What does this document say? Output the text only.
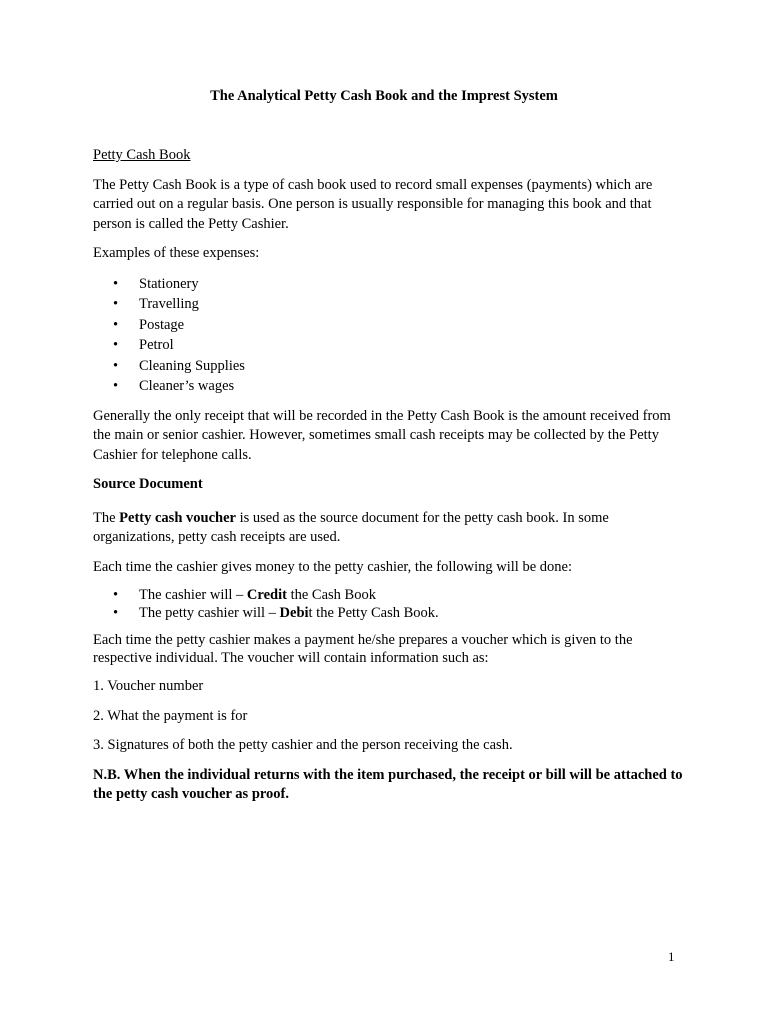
The Analytical Petty Cash Book and the Imprest System
Petty Cash Book

The Petty Cash Book is a type of cash book used to record small expenses (payments) which are carried out on a regular basis. One person is usually responsible for managing this book and that person is called the Petty Cashier.

Examples of these expenses:

• Stationery
• Travelling
• Postage
• Petrol
• Cleaning Supplies
• Cleaner’s wages

Generally the only receipt that will be recorded in the Petty Cash Book is the amount received from the main or senior cashier. However, sometimes small cash receipts may be collected by the Petty Cashier for telephone calls.

Source Document

The Petty cash voucher is used as the source document for the petty cash book. In some organizations, petty cash receipts are used.

Each time the cashier gives money to the petty cashier, the following will be done:

• The cashier will – Credit the Cash Book
• The petty cashier will – Debit the Petty Cash Book.

Each time the petty cashier makes a payment he/she prepares a voucher which is given to the respective individual. The voucher will contain information such as:

1. Voucher number

2. What the payment is for

3. Signatures of both the petty cashier and the person receiving the cash.

N.B. When the individual returns with the item purchased, the receipt or bill will be attached to the petty cash voucher as proof.

1
